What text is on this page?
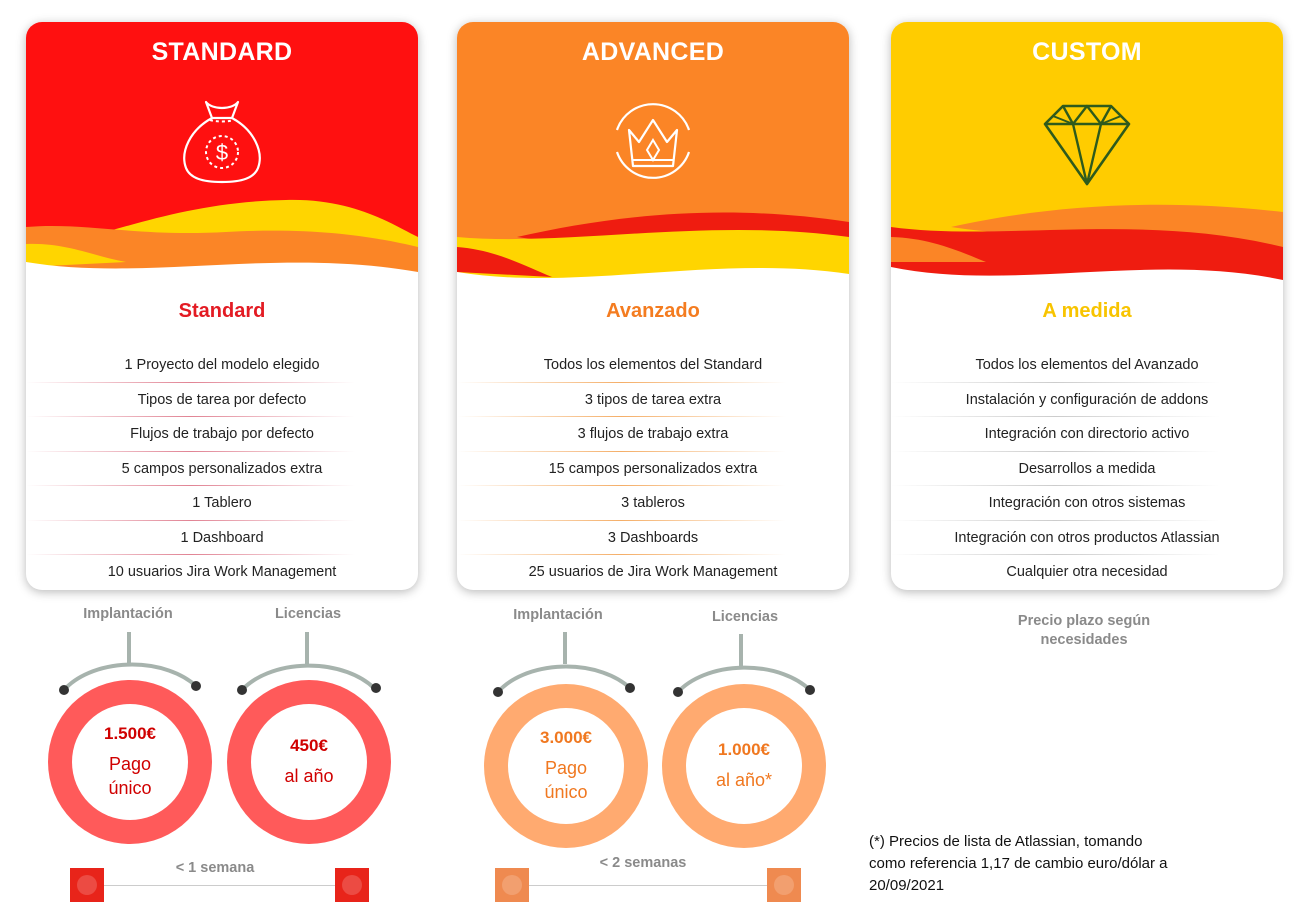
STANDARD
$
Standard
1 Proyecto del modelo elegido
Tipos de tarea por defecto
Flujos de trabajo por defecto
5 campos personalizados extra
1 Tablero
1 Dashboard
10 usuarios Jira Work Management
ADVANCED
Avanzado
Todos los elementos del Standard
3 tipos de tarea extra
3 flujos de trabajo extra
15 campos personalizados extra
3 tableros
3 Dashboards
25 usuarios de Jira Work Management
CUSTOM
A medida
Todos los elementos del Avanzado
Instalación y configuración de addons
Integración con directorio activo
Desarrollos a medida
Integración con otros sistemas
Integración con otros productos Atlassian
Cualquier otra necesidad
Implantación	Licencias
1.500€
Pago único
450€
al año
< 1 semana
Implantación	Licencias
3.000€
Pago único
1.000€
al año*
< 2 semanas
Precio plazo según necesidades
(*) Precios de lista de Atlassian, tomando como referencia 1,17 de cambio euro/dólar a 20/09/2021
